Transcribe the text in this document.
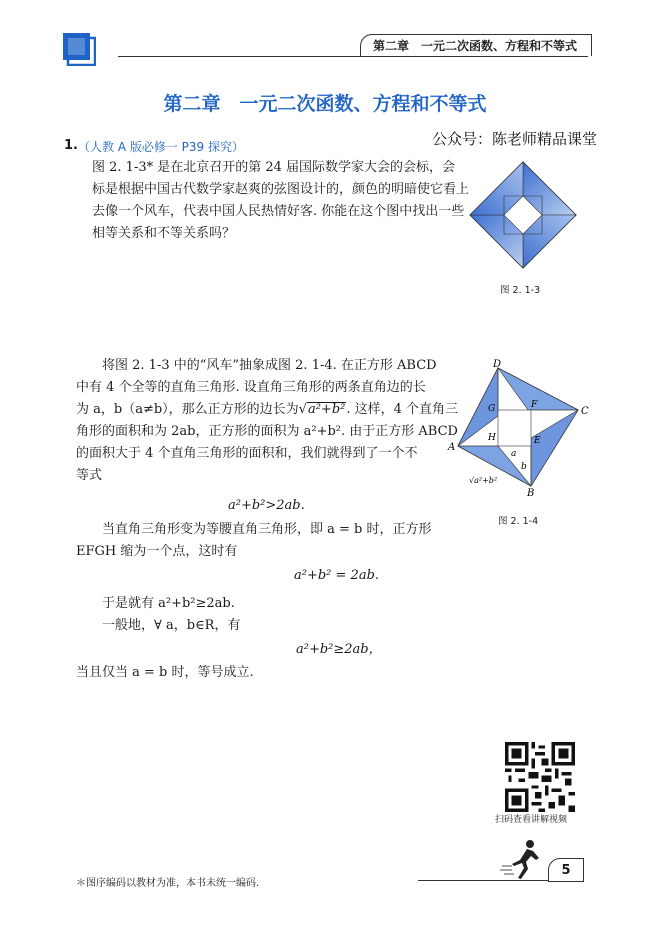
第二章　一元二次函数、方程和不等式
第二章　一元二次函数、方程和不等式
1. （人教 A 版必修一 P39 探究）	公众号：陈老师精品课堂

图 2. 1-3* 是在北京召开的第 24 届国际数学家大会的会标，会

标是根据中国古代数学家赵爽的弦图设计的，颜色的明暗使它看上

去像一个风车，代表中国人民热情好客. 你能在这个图中找出一些

相等关系和不等关系吗？

图 2. 1-3
D
C
A
B
G	F
H	E
a
b
√a²+b²
图 2. 1-4

将图 2. 1-3 中的“风车”抽象成图 2. 1-4. 在正方形 ABCD

中有 4 个全等的直角三角形. 设直角三角形的两条直角边的长

为 a，b（a≠b），那么正方形的边长为√a²+b². 这样，4 个直角三

角形的面积和为 2ab，正方形的面积为 a²+b². 由于正方形 ABCD

的面积大于 4 个直角三角形的面积和，我们就得到了一个不

等式

a²+b²>2ab.

当直角三角形变为等腰直角三角形，即 a = b 时，正方形

EFGH 缩为一个点，这时有

a²+b² = 2ab.
于是就有 a²+b²≥2ab.
一般地，∀ a，b∈R，有
a²+b²≥2ab，
当且仅当 a = b 时，等号成立.
扫码查看讲解视频
5
＊图序编码以教材为准，本书未统一编码.
